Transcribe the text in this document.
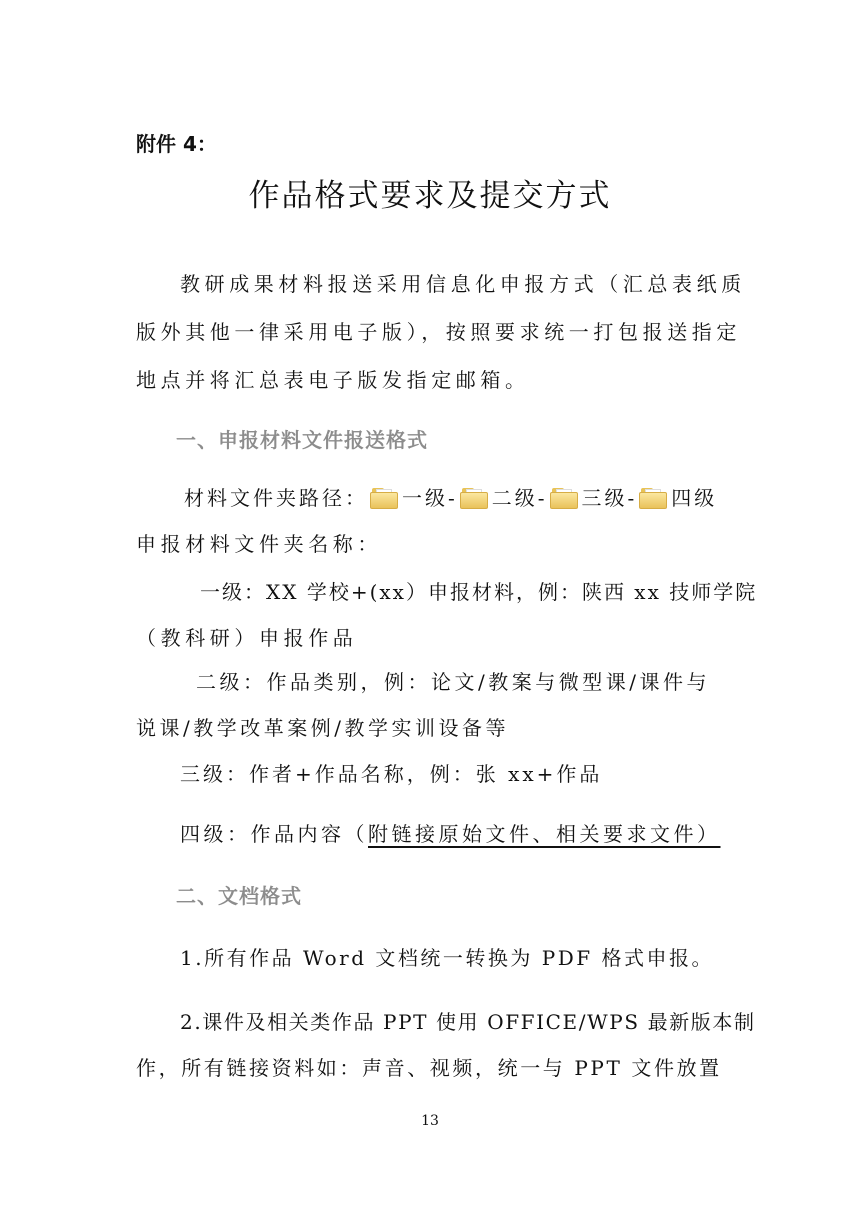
附件 4：
作品格式要求及提交方式
教研成果材料报送采用信息化申报方式（汇总表纸质
版外其他一律采用电子版），按照要求统一打包报送指定
地点并将汇总表电子版发指定邮箱。
一、申报材料文件报送格式
材料文件夹路径： 一级- 二级- 三级- 四级
申报材料文件夹名称：
一级：XX 学校+(xx）申报材料，例：陕西 xx 技师学院
（教科研）申报作品
二级：作品类别，例：论文/教案与微型课/课件与
说课/教学改革案例/教学实训设备等
三级：作者+作品名称，例：张 xx+作品
四级：作品内容（附链接原始文件、相关要求文件）
二、文档格式
1.所有作品 Word 文档统一转换为 PDF 格式申报。
2.课件及相关类作品 PPT 使用 OFFICE/WPS 最新版本制
作，所有链接资料如：声音、视频，统一与 PPT 文件放置
13
